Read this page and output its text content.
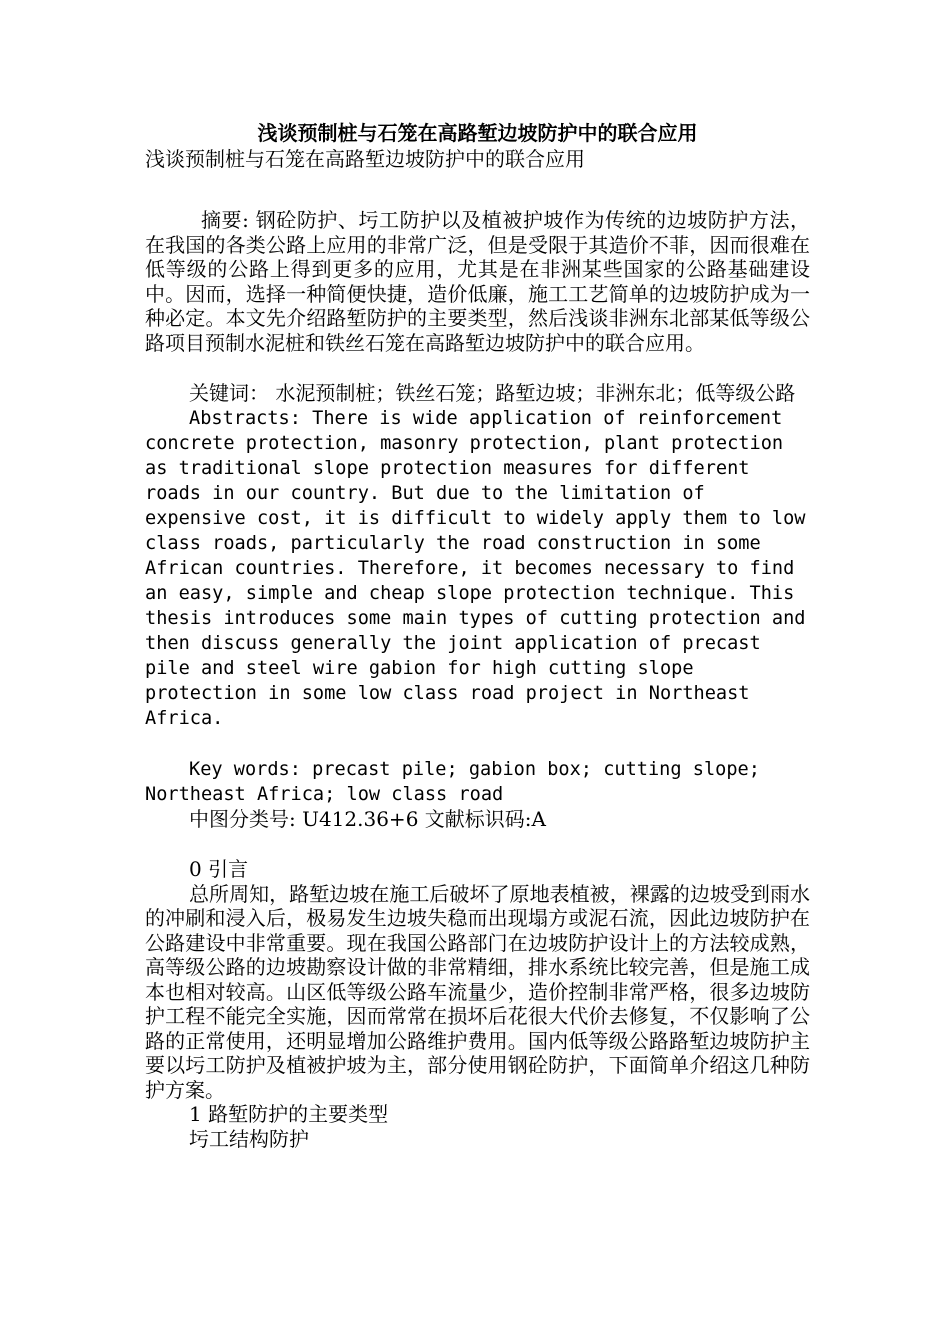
浅谈预制桩与石笼在高路堑边坡防护中的联合应用

浅谈预制桩与石笼在高路堑边坡防护中的联合应用

摘要: 钢砼防护、圬工防护以及植被护坡作为传统的边坡防护方法，在我国的各类公路上应用的非常广泛，但是受限于其造价不菲，因而很难在低等级的公路上得到更多的应用，尤其是在非洲某些国家的公路基础建设中。因而，选择一种简便快捷，造价低廉，施工工艺简单的边坡防护成为一种必定。本文先介绍路堑防护的主要类型，然后浅谈非洲东北部某低等级公路项目预制水泥桩和铁丝石笼在高路堑边坡防护中的联合应用。

关键词： 水泥预制桩；铁丝石笼；路堑边坡；非洲东北；低等级公路

Abstracts: There is wide application of reinforcement concrete protection, masonry protection, plant protection as traditional slope protection measures for different roads in our country. But due to the limitation of expensive cost, it is difficult to widely apply them to low class roads, particularly the road construction in some African countries. Therefore, it becomes necessary to find an easy, simple and cheap slope protection technique. This thesis introduces some main types of cutting protection and then discuss generally the joint application of precast pile and steel wire gabion for high cutting slope protection in some low class road project in Northeast Africa.

Key words: precast pile; gabion box; cutting slope; Northeast Africa; low class road

中图分类号: U412.36+6 文献标识码:A

0 引言

总所周知，路堑边坡在施工后破坏了原地表植被，裸露的边坡受到雨水的冲刷和浸入后，极易发生边坡失稳而出现塌方或泥石流，因此边坡防护在公路建设中非常重要。现在我国公路部门在边坡防护设计上的方法较成熟，高等级公路的边坡勘察设计做的非常精细，排水系统比较完善，但是施工成本也相对较高。山区低等级公路车流量少，造价控制非常严格，很多边坡防护工程不能完全实施，因而常常在损坏后花很大代价去修复，不仅影响了公路的正常使用，还明显增加公路维护费用。国内低等级公路路堑边坡防护主要以圬工防护及植被护坡为主，部分使用钢砼防护，下面简单介绍这几种防护方案。

1 路堑防护的主要类型

圬工结构防护
